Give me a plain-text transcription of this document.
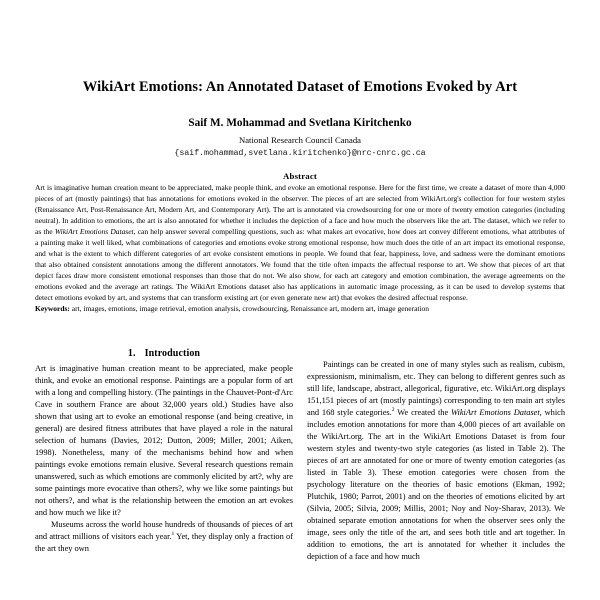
WikiArt Emotions: An Annotated Dataset of Emotions Evoked by Art
Saif M. Mohammad and Svetlana Kiritchenko
National Research Council Canada
{saif.mohammad,svetlana.kiritchenko}@nrc-cnrc.gc.ca
Abstract

Art is imaginative human creation meant to be appreciated, make people think, and evoke an emotional response. Here for the first time, we create a dataset of more than 4,000 pieces of art (mostly paintings) that has annotations for emotions evoked in the observer. The pieces of art are selected from WikiArt.org's collection for four western styles (Renaissance Art, Post-Renaissance Art, Modern Art, and Contemporary Art). The art is annotated via crowdsourcing for one or more of twenty emotion categories (including neutral). In addition to emotions, the art is also annotated for whether it includes the depiction of a face and how much the observers like the art. The dataset, which we refer to as the WikiArt Emotions Dataset, can help answer several compelling questions, such as: what makes art evocative, how does art convey different emotions, what attributes of a painting make it well liked, what combinations of categories and emotions evoke strong emotional response, how much does the title of an art impact its emotional response, and what is the extent to which different categories of art evoke consistent emotions in people. We found that fear, happiness, love, and sadness were the dominant emotions that also obtained consistent annotations among the different annotators. We found that the title often impacts the affectual response to art. We show that pieces of art that depict faces draw more consistent emotional responses than those that do not. We also show, for each art category and emotion combination, the average agreements on the emotions evoked and the average art ratings. The WikiArt Emotions dataset also has applications in automatic image processing, as it can be used to develop systems that detect emotions evoked by art, and systems that can transform existing art (or even generate new art) that evokes the desired affectual response.

Keywords: art, images, emotions, image retrieval, emotion analysis, crowdsourcing, Renaissance art, modern art, image generation

1. Introduction

Art is imaginative human creation meant to be appreciated, make people think, and evoke an emotional response. Paintings are a popular form of art with a long and compelling history. (The paintings in the Chauvet-Pont-d'Arc Cave in southern France are about 32,000 years old.) Studies have also shown that using art to evoke an emotional response (and being creative, in general) are desired fitness attributes that have played a role in the natural selection of humans (Davies, 2012; Dutton, 2009; Miller, 2001; Aiken, 1998). Nonetheless, many of the mechanisms behind how and when paintings evoke emotions remain elusive. Several research questions remain unanswered, such as which emotions are commonly elicited by art?, why are some paintings more evocative than others?, why we like some paintings but not others?, and what is the relationship between the emotion an art evokes and how much we like it?

Museums across the world house hundreds of thousands of pieces of art and attract millions of visitors each year.$^1$ Yet, they display only a fraction of the art they own

Paintings can be created in one of many styles such as realism, cubism, expressionism, minimalism, etc. They can belong to different genres such as still life, landscape, abstract, allegorical, figurative, etc. WikiArt.org displays 151,151 pieces of art (mostly paintings) corresponding to ten main art styles and 168 style categories.$^2$ We created the WikiArt Emotions Dataset, which includes emotion annotations for more than 4,000 pieces of art available on the WikiArt.org. The art in the WikiArt Emotions Dataset is from four western styles and twenty-two style categories (as listed in Table 2). The pieces of art are annotated for one or more of twenty emotion categories (as listed in Table 3). These emotion categories were chosen from the psychology literature on the theories of basic emotions (Ekman, 1992; Plutchik, 1980; Parrot, 2001) and on the theories of emotions elicited by art (Silvia, 2005; Silvia, 2009; Millis, 2001; Noy and Noy-Sharav, 2013). We obtained separate emotion annotations for when the observer sees only the image, sees only the title of the art, and sees both title and art together. In addition to emotions, the art is annotated for whether it includes the depiction of a face and how much
